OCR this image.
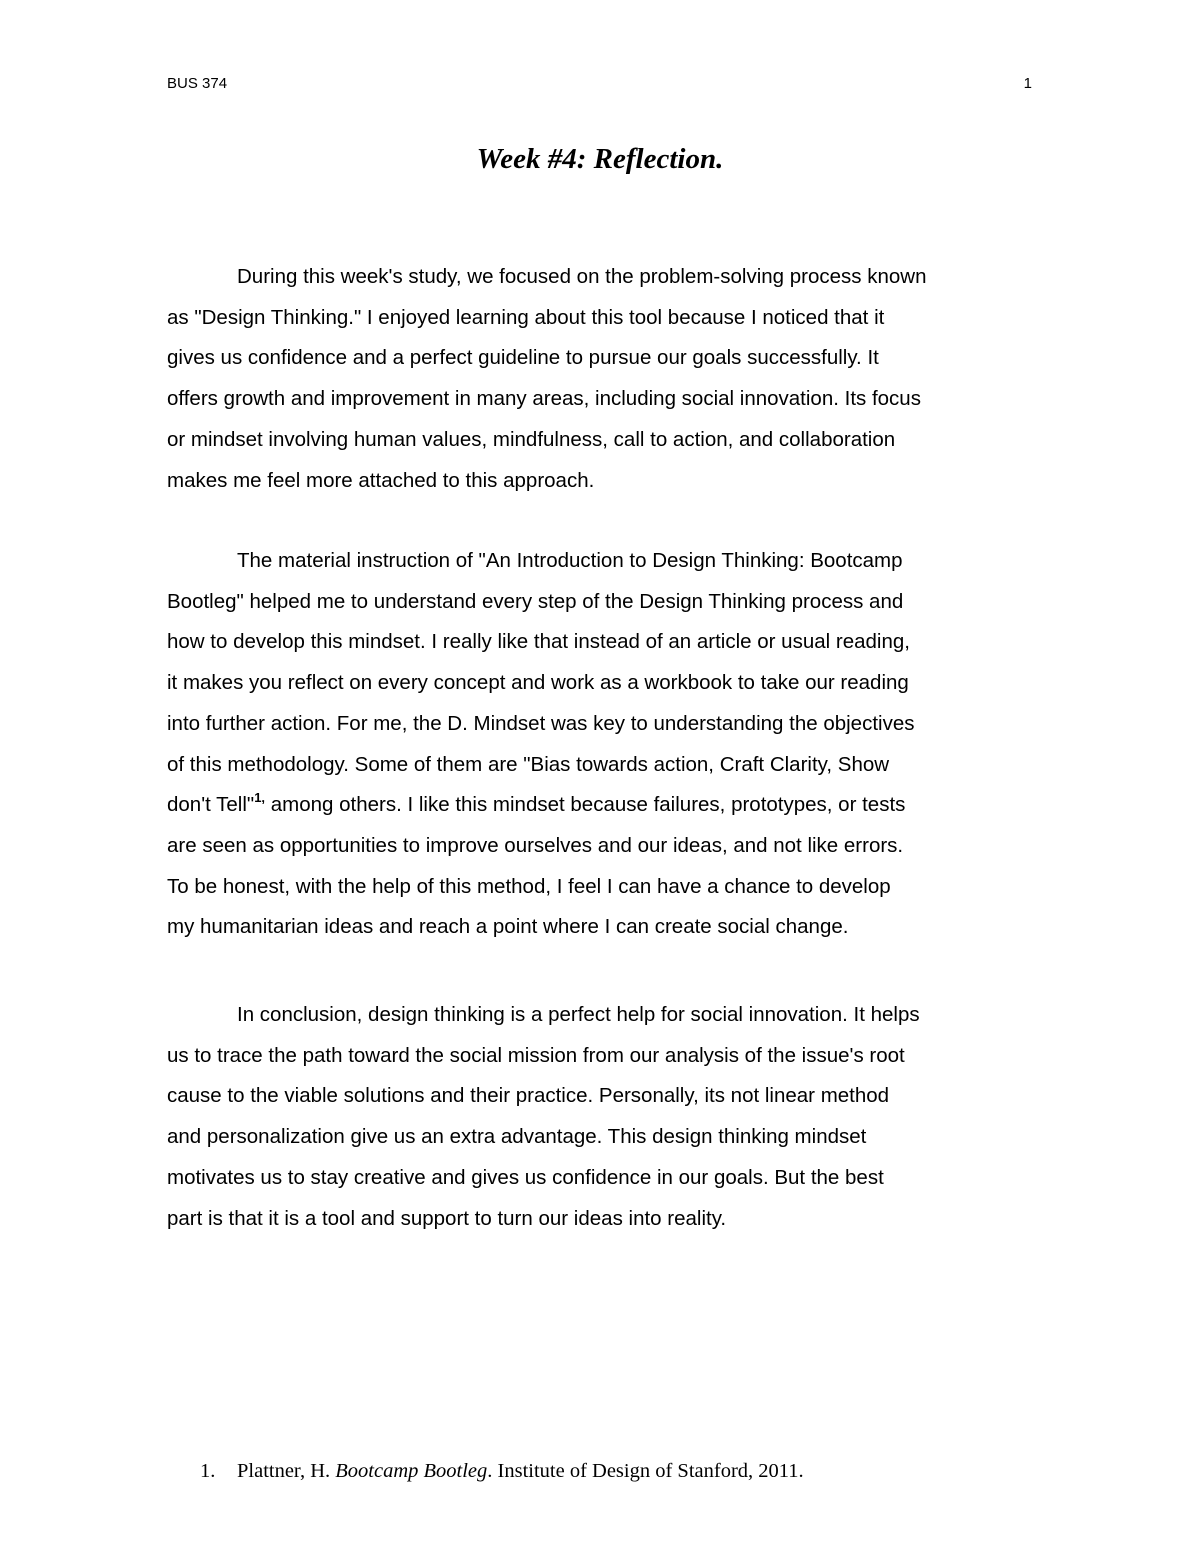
BUS 374	1
Week #4: Reflection.
During this week's study, we focused on the problem-solving process known
as "Design Thinking." I enjoyed learning about this tool because I noticed that it
gives us confidence and a perfect guideline to pursue our goals successfully. It
offers growth and improvement in many areas, including social innovation. Its focus
or mindset involving human values, mindfulness, call to action, and collaboration
makes me feel more attached to this approach.
The material instruction of "An Introduction to Design Thinking: Bootcamp
Bootleg" helped me to understand every step of the Design Thinking process and
how to develop this mindset. I really like that instead of an article or usual reading,
it makes you reflect on every concept and work as a workbook to take our reading
into further action. For me, the D. Mindset was key to understanding the objectives
of this methodology. Some of them are "Bias towards action, Craft Clarity, Show
don't Tell"$^{1,}$ among others. I like this mindset because failures, prototypes, or tests
are seen as opportunities to improve ourselves and our ideas, and not like errors.
To be honest, with the help of this method, I feel I can have a chance to develop
my humanitarian ideas and reach a point where I can create social change.
In conclusion, design thinking is a perfect help for social innovation. It helps
us to trace the path toward the social mission from our analysis of the issue's root
cause to the viable solutions and their practice. Personally, its not linear method
and personalization give us an extra advantage. This design thinking mindset
motivates us to stay creative and gives us confidence in our goals. But the best
part is that it is a tool and support to turn our ideas into reality.
1. Plattner, H. Bootcamp Bootleg. Institute of Design of Stanford, 2011.
